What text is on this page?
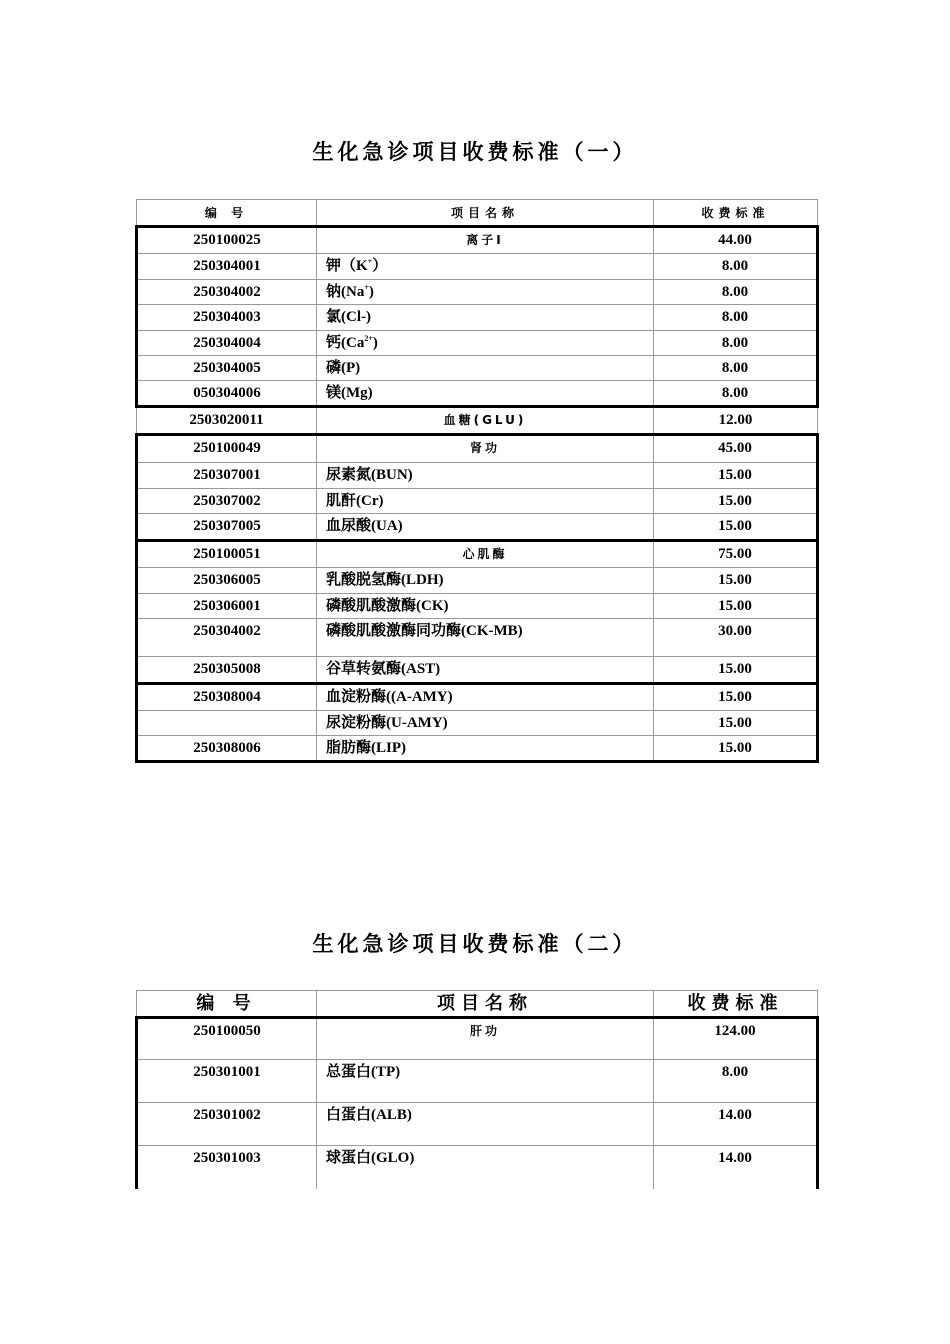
生化急诊项目收费标准（一）
编 号	项目名称	收费标准
250100025	离子Ⅰ	44.00
250304001	钾（K+）	8.00
250304002	钠(Na+)	8.00
250304003	氯(Cl-)	8.00
250304004	钙$(Ca^{2+})$	8.00
250304005	磷(P)	8.00
050304006	镁(Mg)	8.00
2503020011	血糖(GLU)	12.00
250100049	肾功	45.00
250307001	尿素氮(BUN)	15.00
250307002	肌酐(Cr)	15.00
250307005	血尿酸(UA)	15.00
250100051	心肌酶	75.00
250306005	乳酸脱氢酶(LDH)	15.00
250306001	磷酸肌酸激酶(CK)	15.00
250304002	磷酸肌酸激酶同功酶(CK-MB)	30.00
250305008	谷草转氨酶(AST)	15.00
250308004	血淀粉酶((A-AMY)	15.00
	尿淀粉酶(U-AMY)	15.00
250308006	脂肪酶(LIP)	15.00
生化急诊项目收费标准（二）
编 号	项目名称	收费标准
250100050	肝功	124.00
250301001	总蛋白(TP)	8.00
250301002	白蛋白(ALB)	14.00
250301003	球蛋白(GLO)	14.00
